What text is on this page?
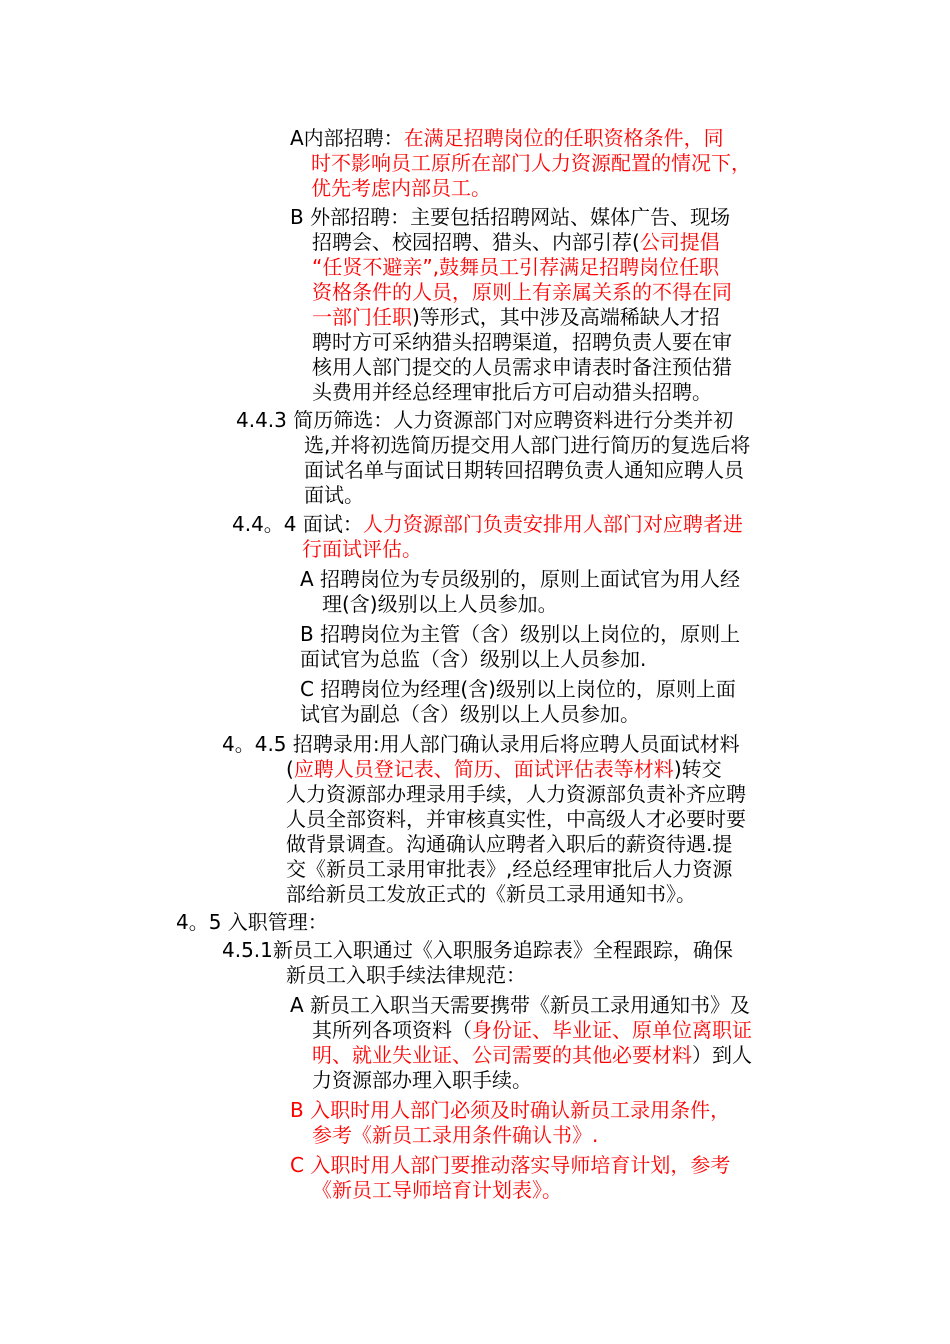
A内部招聘：在满足招聘岗位的任职资格条件，同
时不影响员工原所在部门人力资源配置的情况下，
优先考虑内部员工。

B 外部招聘：主要包括招聘网站、媒体广告、现场
招聘会、校园招聘、猎头、内部引荐(公司提倡
“任贤不避亲”,鼓舞员工引荐满足招聘岗位任职
资格条件的人员，原则上有亲属关系的不得在同
一部门任职)等形式，其中涉及高端稀缺人才招
聘时方可采纳猎头招聘渠道，招聘负责人要在审
核用人部门提交的人员需求申请表时备注预估猎
头费用并经总经理审批后方可启动猎头招聘。

4.4.3 简历筛选：人力资源部门对应聘资料进行分类并初
选,并将初选简历提交用人部门进行简历的复选后将
面试名单与面试日期转回招聘负责人通知应聘人员
面试。

4.4。4 面试：人力资源部门负责安排用人部门对应聘者进
行面试评估。

A 招聘岗位为专员级别的，原则上面试官为用人经
理(含)级别以上人员参加。

B 招聘岗位为主管（含）级别以上岗位的，原则上
面试官为总监（含）级别以上人员参加.

C 招聘岗位为经理(含)级别以上岗位的，原则上面
试官为副总（含）级别以上人员参加。

4。4.5 招聘录用:用人部门确认录用后将应聘人员面试材料
(应聘人员登记表、简历、面试评估表等材料)转交
人力资源部办理录用手续，人力资源部负责补齐应聘
人员全部资料，并审核真实性，中高级人才必要时要
做背景调查。沟通确认应聘者入职后的薪资待遇.提
交《新员工录用审批表》,经总经理审批后人力资源
部给新员工发放正式的《新员工录用通知书》。

4。5 入职管理：

4.5.1新员工入职通过《入职服务追踪表》全程跟踪，确保
新员工入职手续法律规范：

A 新员工入职当天需要携带《新员工录用通知书》及
其所列各项资料（身份证、毕业证、原单位离职证
明、就业失业证、公司需要的其他必要材料）到人
力资源部办理入职手续。

B 入职时用人部门必须及时确认新员工录用条件，
参考《新员工录用条件确认书》.

C 入职时用人部门要推动落实导师培育计划，参考
《新员工导师培育计划表》。
